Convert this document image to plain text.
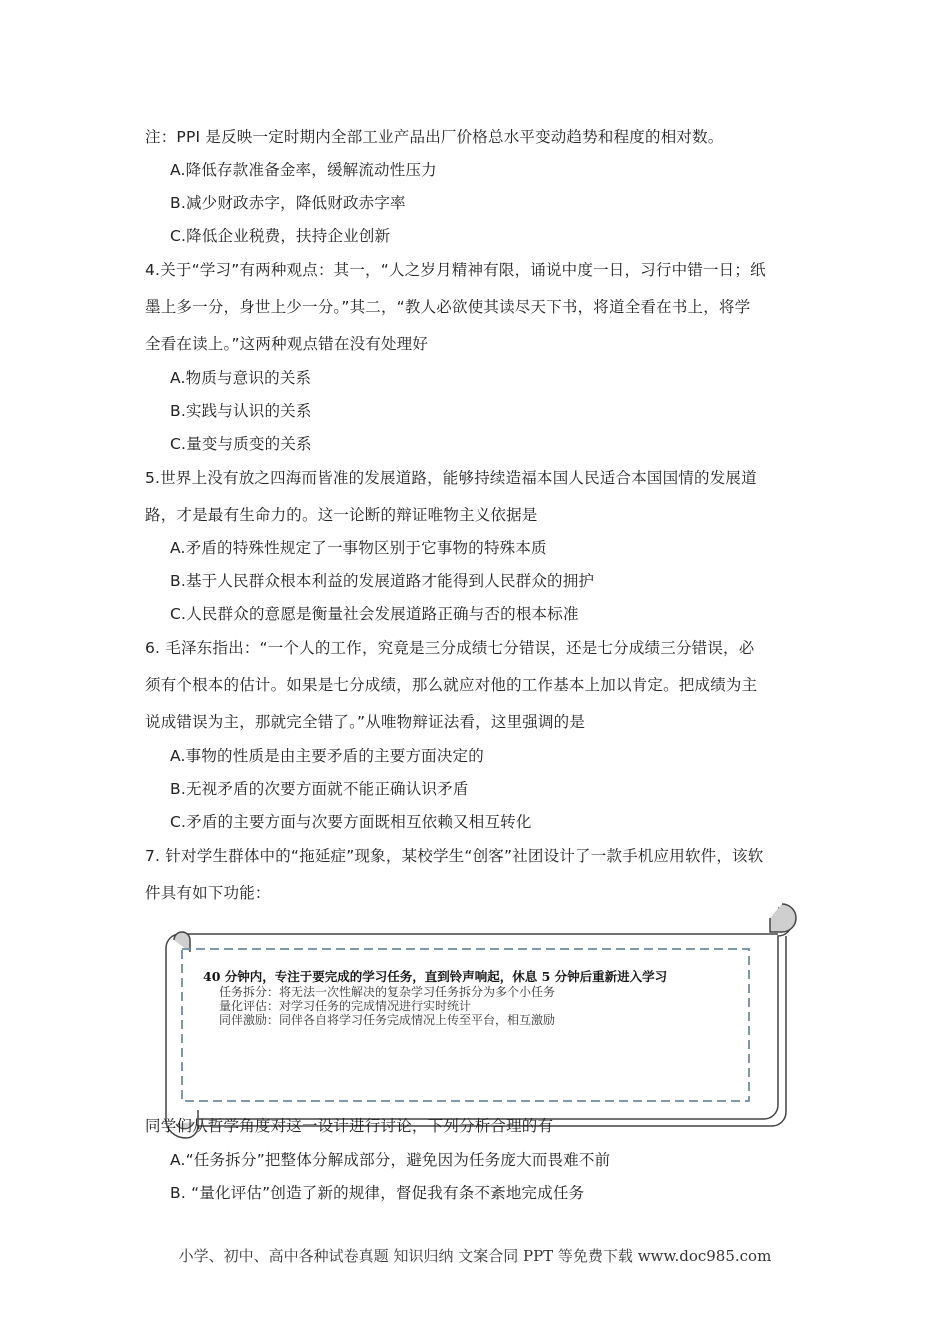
注：PPI 是反映一定时期内全部工业产品出厂价格总水平变动趋势和程度的相对数。
A.降低存款准备金率，缓解流动性压力
B.减少财政赤字，降低财政赤字率
C.降低企业税费，扶持企业创新
4.关于“学习”有两种观点：其一，“人之岁月精神有限，诵说中度一日，习行中错一日；纸
墨上多一分，身世上少一分。”其二，“教人必欲使其读尽天下书，将道全看在书上，将学
全看在读上。”这两种观点错在没有处理好
A.物质与意识的关系
B.实践与认识的关系
C.量变与质变的关系
5.世界上没有放之四海而皆准的发展道路，能够持续造福本国人民适合本国国情的发展道
路，才是最有生命力的。这一论断的辩证唯物主义依据是
A.矛盾的特殊性规定了一事物区别于它事物的特殊本质
B.基于人民群众根本利益的发展道路才能得到人民群众的拥护
C.人民群众的意愿是衡量社会发展道路正确与否的根本标准
6. 毛泽东指出：“一个人的工作，究竟是三分成绩七分错误，还是七分成绩三分错误，必
须有个根本的估计。如果是七分成绩，那么就应对他的工作基本上加以肯定。把成绩为主
说成错误为主，那就完全错了。”从唯物辩证法看，这里强调的是
A.事物的性质是由主要矛盾的主要方面决定的
B.无视矛盾的次要方面就不能正确认识矛盾
C.矛盾的主要方面与次要方面既相互依赖又相互转化
7. 针对学生群体中的“拖延症”现象，某校学生“创客”社团设计了一款手机应用软件，该软
件具有如下功能：
40 分钟内，专注于要完成的学习任务，直到铃声响起，休息 5 分钟后重新进入学习
任务拆分：将无法一次性解决的复杂学习任务拆分为多个小任务
量化评估：对学习任务的完成情况进行实时统计
同伴激励：同伴各自将学习任务完成情况上传至平台，相互激励
同学们从哲学角度对这一设计进行讨论，下列分析合理的有
A.“任务拆分”把整体分解成部分，避免因为任务庞大而畏难不前
B. “量化评估”创造了新的规律，督促我有条不紊地完成任务
小学、初中、高中各种试卷真题 知识归纳 文案合同 PPT 等免费下载 www.doc985.com
